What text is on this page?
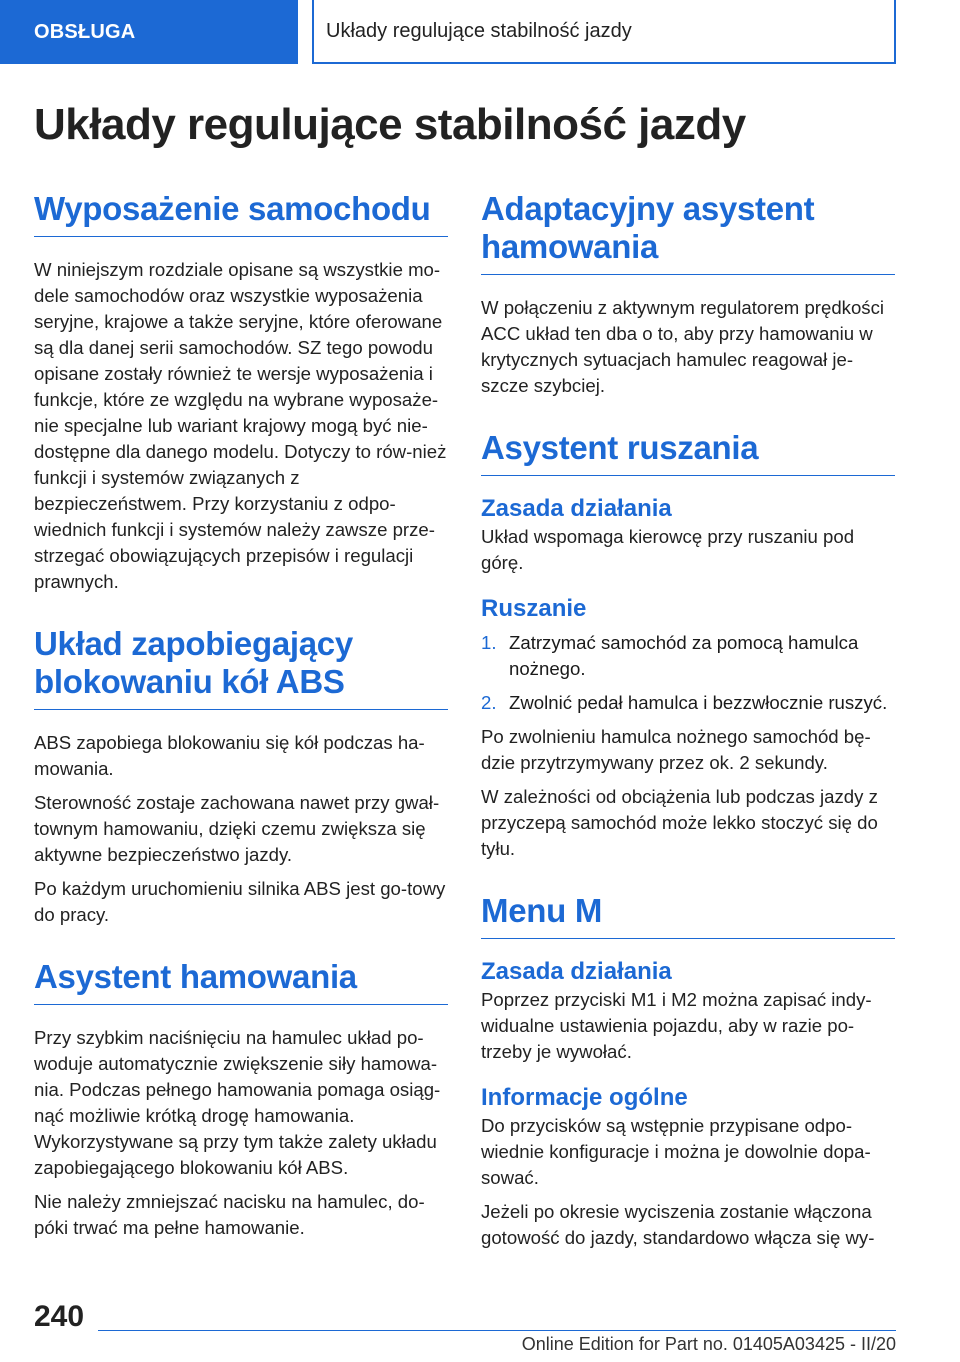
OBSŁUGA	Układy regulujące stabilność jazdy
Układy regulujące stabilność jazdy
Wyposażenie samochodu

W niniejszym rozdziale opisane są wszystkie mo-dele samochodów oraz wszystkie wyposażenia seryjne, krajowe a także seryjne, które oferowane są dla danej serii samochodów. SZ tego powodu opisane zostały również te wersje wyposażenia i funkcje, które ze względu na wybrane wyposaże-nie specjalne lub wariant krajowy mogą być nie-dostępne dla danego modelu. Dotyczy to rów-nież funkcji i systemów związanych z bezpieczeństwem. Przy korzystaniu z odpo-wiednich funkcji i systemów należy zawsze prze-strzegać obowiązujących przepisów i regulacji prawnych.

Układ zapobiegający blokowaniu kół ABS

ABS zapobiega blokowaniu się kół podczas ha-mowania.

Sterowność zostaje zachowana nawet przy gwał-townym hamowaniu, dzięki czemu zwiększa się aktywne bezpieczeństwo jazdy.

Po każdym uruchomieniu silnika ABS jest go-towy do pracy.

Asystent hamowania

Przy szybkim naciśnięciu na hamulec układ po-woduje automatycznie zwiększenie siły hamowa-nia. Podczas pełnego hamowania pomaga osiąg-nąć możliwie krótką drogę hamowania. Wykorzystywane są przy tym także zalety układu zapobiegającego blokowaniu kół ABS.

Nie należy zmniejszać nacisku na hamulec, do-póki trwać ma pełne hamowanie.

Adaptacyjny asystent hamowania

W połączeniu z aktywnym regulatorem prędkości ACC układ ten dba o to, aby przy hamowaniu w krytycznych sytuacjach hamulec reagował je-szcze szybciej.

Asystent ruszania
Zasada działania

Układ wspomaga kierowcę przy ruszaniu pod górę.

Ruszanie
1. Zatrzymać samochód za pomocą hamulca nożnego.
2. Zwolnić pedał hamulca i bezzwłocznie ruszyć.

Po zwolnieniu hamulca nożnego samochód bę-dzie przytrzymywany przez ok. 2 sekundy.

W zależności od obciążenia lub podczas jazdy z przyczepą samochód może lekko stoczyć się do tyłu.

Menu M
Zasada działania

Poprzez przyciski M1 i M2 można zapisać indy-widualne ustawienia pojazdu, aby w razie po-trzeby je wywołać.

Informacje ogólne

Do przycisków są wstępnie przypisane odpo-wiednie konfiguracje i można je dowolnie dopa-sować.

Jeżeli po okresie wyciszenia zostanie włączona gotowość do jazdy, standardowo włącza się wy-

240
Online Edition for Part no. 01405A03425 - II/20
